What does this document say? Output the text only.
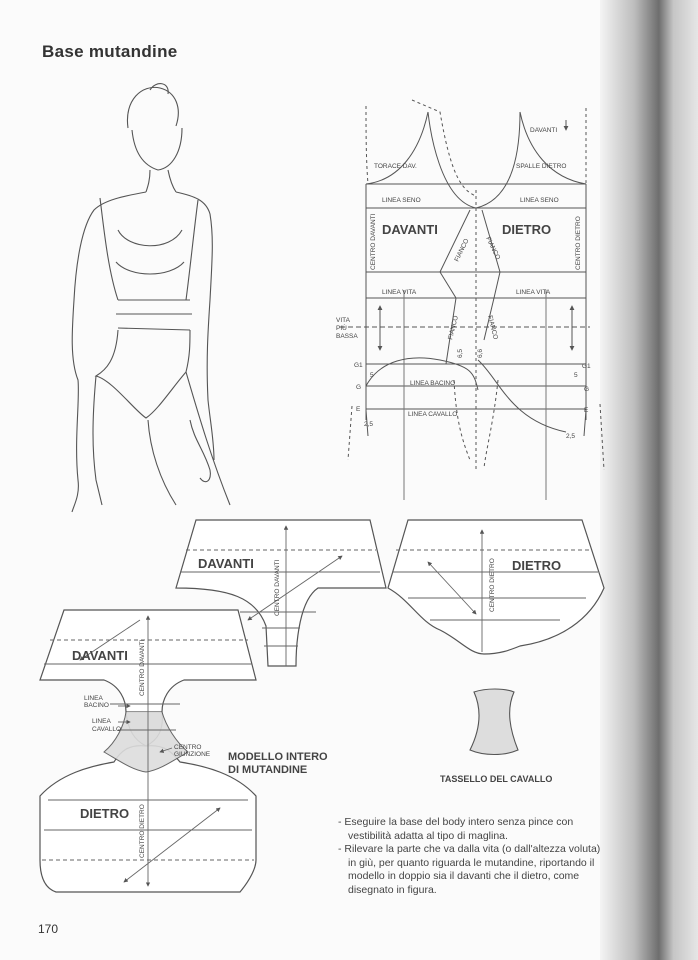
Base mutandine
TORACE DAV.	SPALLE DIETRO
DAVANTI
LINEA SENO	LINEA SENO
DAVANTI	DIETRO
CENTRO DAVANTI	CENTRO DIETRO
FIANCO FIANCO
FIANCO	FIANCO
LINEA VITA	LINEA VITA
VITA
PIÙ
BASSA
LINEA BACINO
LINEA CAVALLO
G1	G1
G	G
E	E
5	5
2,5
2,5
6,5 6,6
DAVANTI	CENTRO DAVANTI	DIETRO
CENTRO DIETRO
DAVANTI
DIETRO
CENTRO DAVANTI
CENTRO DIETRO
LINEA
BACINO
LINEA
CAVALLO
CENTRO
GIUNZIONE MODELLO INTERO
DI MUTANDINE
TASSELLO DEL CAVALLO

- Eseguire la base del body intero senza pince con vestibilità adatta al tipo di maglina.

- Rilevare la parte che va dalla vita (o dall'altezza voluta) in giù, per quanto riguarda le mutandine, riportando il modello in doppio sia il davanti che il dietro, come disegnato in figura.

170
